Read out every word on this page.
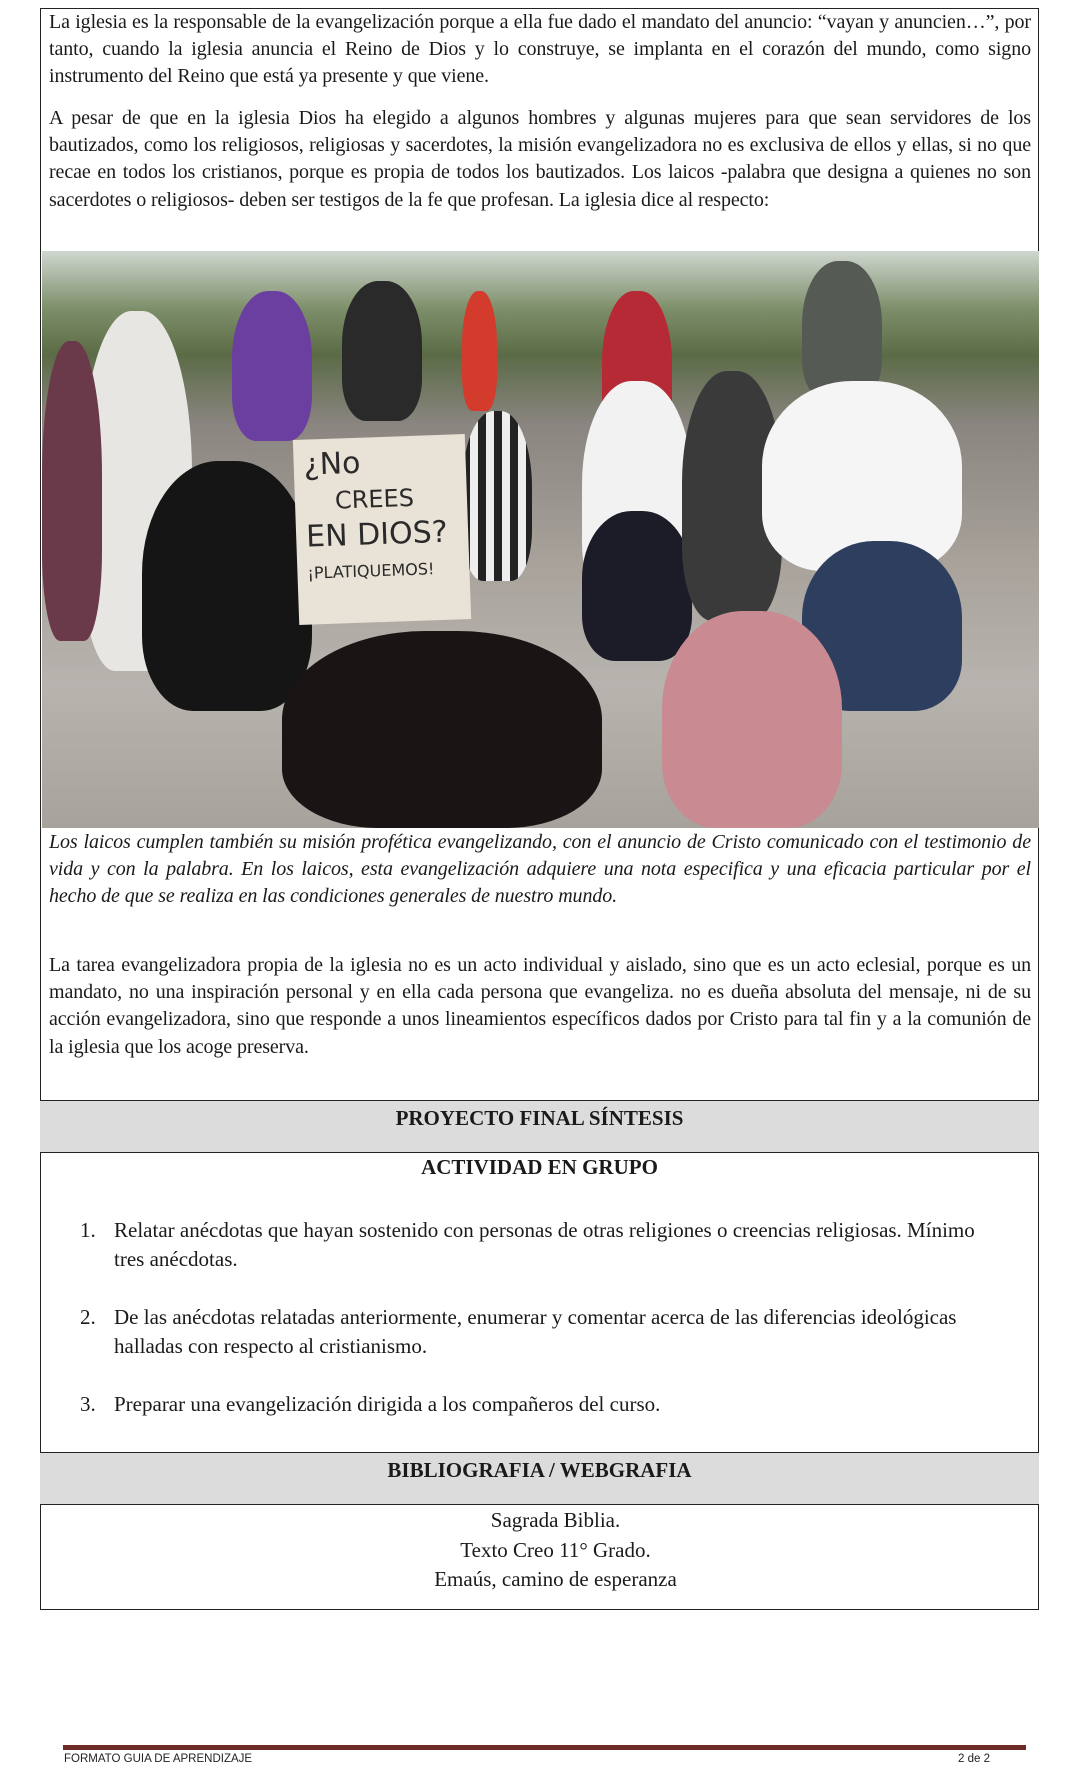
La iglesia es la responsable de la evangelización porque a ella fue dado el mandato del anuncio: “vayan y anuncien…”, por tanto, cuando la iglesia anuncia el Reino de Dios y lo construye, se implanta en el corazón del mundo, como signo instrumento del Reino que está ya presente y que viene.

A pesar de que en la iglesia Dios ha elegido a algunos hombres y algunas mujeres para que sean servidores de los bautizados, como los religiosos, religiosas y sacerdotes, la misión evangelizadora no es exclusiva de ellos y ellas, si no que recae en todos los cristianos, porque es propia de todos los bautizados. Los laicos -palabra que designa a quienes no son sacerdotes o religiosos- deben ser testigos de la fe que profesan. La iglesia dice al respecto:

¿No
CREES
EN DIOS?
¡PLATIQUEMOS!

Los laicos cumplen también su misión profética evangelizando, con el anuncio de Cristo comunicado con el testimonio de vida y con la palabra. En los laicos, esta evangelización adquiere una nota especifica y una eficacia particular por el hecho de que se realiza en las condiciones generales de nuestro mundo.

La tarea evangelizadora propia de la iglesia no es un acto individual y aislado, sino que es un acto eclesial, porque es un mandato, no una inspiración personal y en ella cada persona que evangeliza. no es dueña absoluta del mensaje, ni de su acción evangelizadora, sino que responde a unos lineamientos específicos dados por Cristo para tal fin y a la comunión de la iglesia que los acoge preserva.

PROYECTO FINAL SÍNTESIS
ACTIVIDAD EN GRUPO
1. Relatar anécdotas que hayan sostenido con personas de otras religiones o creencias religiosas. Mínimo tres anécdotas.
2. De las anécdotas relatadas anteriormente, enumerar y comentar acerca de las diferencias ideológicas halladas con respecto al cristianismo.
3. Preparar una evangelización dirigida a los compañeros del curso.
BIBLIOGRAFIA / WEBGRAFIA
Sagrada Biblia.
Texto Creo 11° Grado.
Emaús, camino de esperanza
FORMATO GUIA DE APRENDIZAJE	2 de 2
